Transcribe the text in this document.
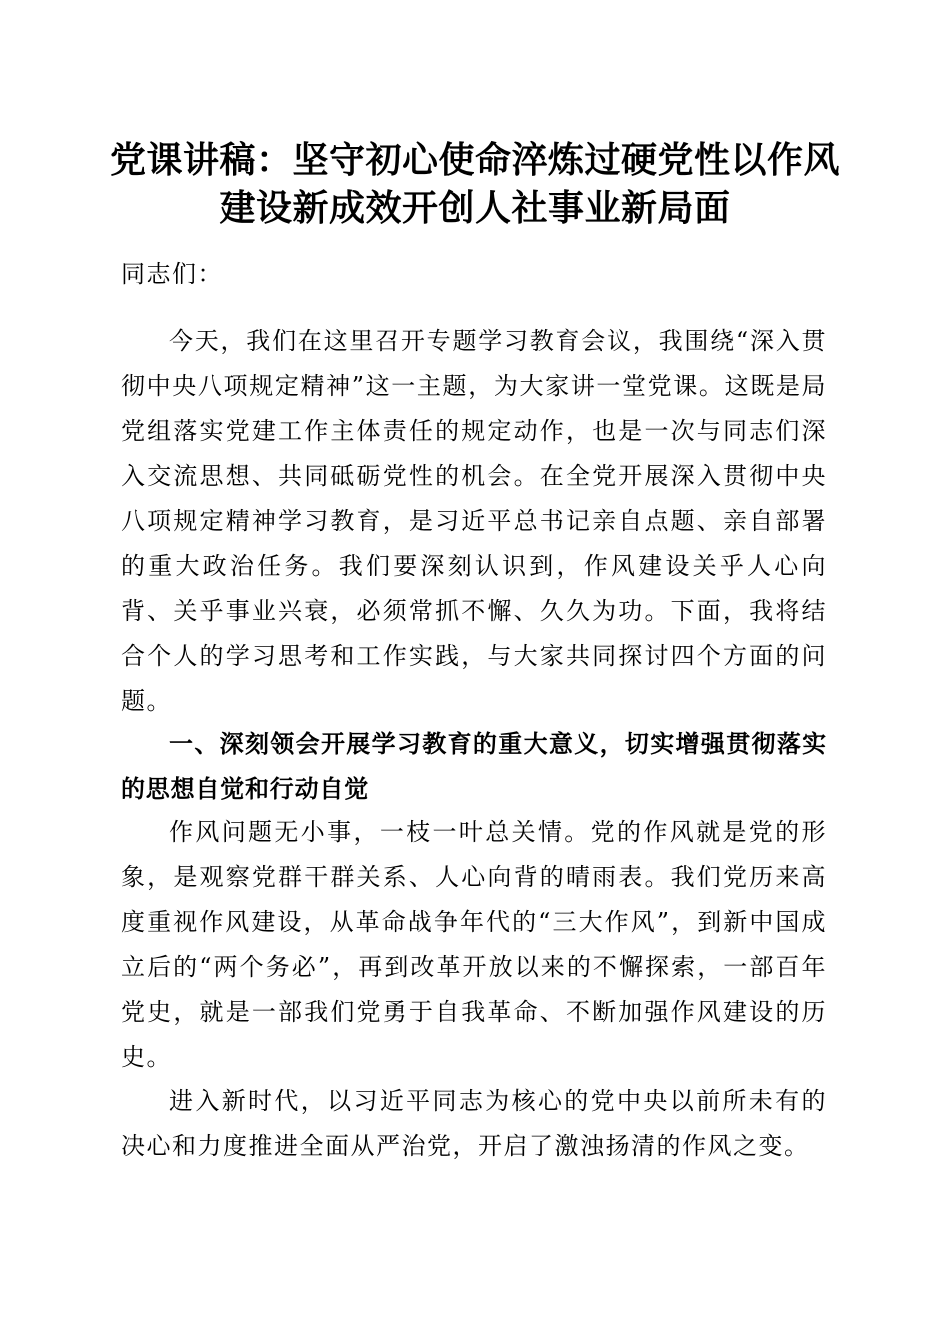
党课讲稿：坚守初心使命淬炼过硬党性以作风
建设新成效开创人社事业新局面
同志们：
今天，我们在这里召开专题学习教育会议，我围绕“深入贯彻中央八项规定精神”这一主题，为大家讲一堂党课。这既是局党组落实党建工作主体责任的规定动作，也是一次与同志们深入交流思想、共同砥砺党性的机会。在全党开展深入贯彻中央八项规定精神学习教育，是习近平总书记亲自点题、亲自部署的重大政治任务。我们要深刻认识到，作风建设关乎人心向背、关乎事业兴衰，必须常抓不懈、久久为功。下面，我将结合个人的学习思考和工作实践，与大家共同探讨四个方面的问题。
一、深刻领会开展学习教育的重大意义，切实增强贯彻落实的思想自觉和行动自觉
作风问题无小事，一枝一叶总关情。党的作风就是党的形象，是观察党群干群关系、人心向背的晴雨表。我们党历来高度重视作风建设，从革命战争年代的“三大作风”，到新中国成立后的“两个务必”，再到改革开放以来的不懈探索，一部百年党史，就是一部我们党勇于自我革命、不断加强作风建设的历史。
进入新时代，以习近平同志为核心的党中央以前所未有的决心和力度推进全面从严治党，开启了激浊扬清的作风之变。
